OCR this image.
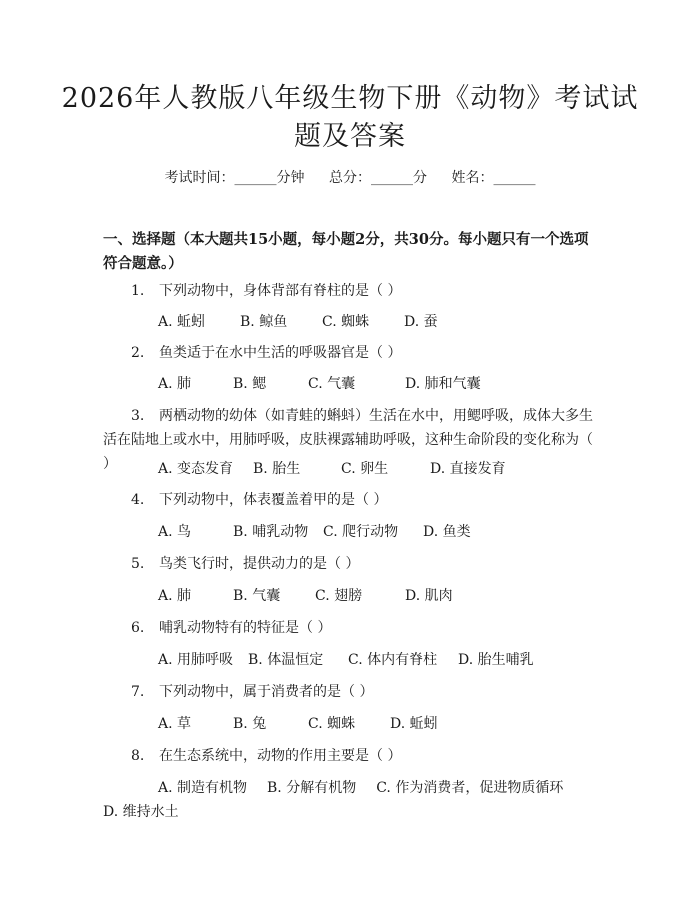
2026年人教版八年级生物下册《动物》考试试题及答案
考试时间：______分钟 总分：______分 姓名：______
一、选择题（本大题共15小题，每小题2分，共30分。每小题只有一个选项符合题意。）
1. 下列动物中，身体背部有脊柱的是（ ）
A. 蚯蚓 B. 鲸鱼 C. 蜘蛛 D. 蚕
2. 鱼类适于在水中生活的呼吸器官是（ ）
A. 肺	B. 鳃	C. 气囊	D. 肺和气囊
3. 两栖动物的幼体（如青蛙的蝌蚪）生活在水中，用鳃呼吸，成体大多生活在陆地上或水中，用肺呼吸，皮肤裸露辅助呼吸，这种生命阶段的变化称为（ ）	A. 变态发育 B. 胎生	C. 卵生	D. 直接发育
4. 下列动物中，体表覆盖着甲的是（ ）
A. 鸟	B. 哺乳动物 C. 爬行动物 D. 鱼类
5. 鸟类飞行时，提供动力的是（ ）
A. 肺	B. 气囊 C. 翅膀	D. 肌肉
6. 哺乳动物特有的特征是（ ）
A. 用肺呼吸 B. 体温恒定 C. 体内有脊柱 D. 胎生哺乳
7. 下列动物中，属于消费者的是（ ）
A. 草	B. 兔	C. 蜘蛛 D. 蚯蚓
8. 在生态系统中，动物的作用主要是（ ）
A. 制造有机物 B. 分解有机物 C. 作为消费者，促进物质循环D. 维持水土
